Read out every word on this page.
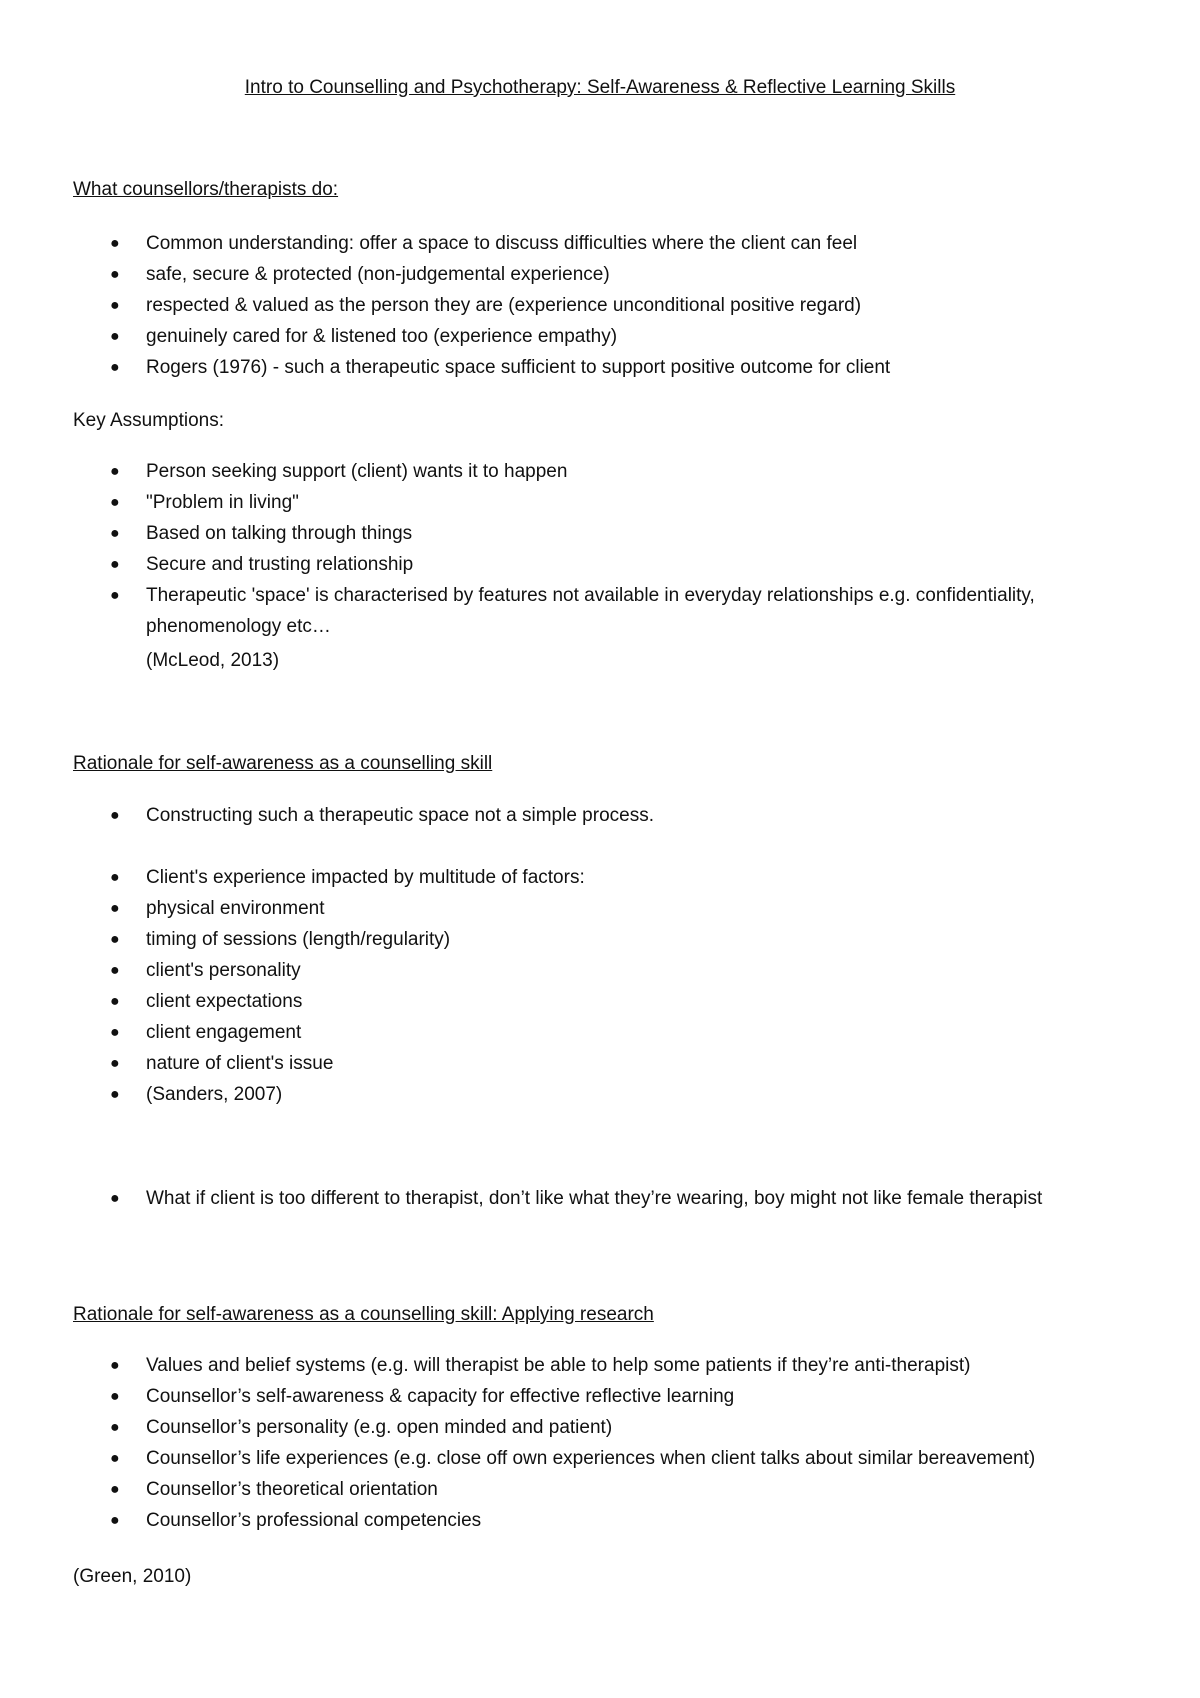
Intro to Counselling and Psychotherapy: Self-Awareness & Reflective Learning Skills
What counsellors/therapists do:
● Common understanding: offer a space to discuss difficulties where the client can feel
● safe, secure & protected (non-judgemental experience)
● respected & valued as the person they are (experience unconditional positive regard)
● genuinely cared for & listened too (experience empathy)
● Rogers (1976) - such a therapeutic space sufficient to support positive outcome for client
Key Assumptions:
● Person seeking support (client) wants it to happen
● "Problem in living"
● Based on talking through things
● Secure and trusting relationship
● Therapeutic 'space' is characterised by features not available in everyday relationships e.g. confidentiality, phenomenology etc…
(McLeod, 2013)
Rationale for self-awareness as a counselling skill
● Constructing such a therapeutic space not a simple process.
● Client's experience impacted by multitude of factors:
● physical environment
● timing of sessions (length/regularity)
● client's personality
● client expectations
● client engagement
● nature of client's issue
● (Sanders, 2007)
● What if client is too different to therapist, don’t like what they’re wearing, boy might not like female therapist
Rationale for self-awareness as a counselling skill: Applying research
● Values and belief systems (e.g. will therapist be able to help some patients if they’re anti-therapist)
● Counsellor’s self-awareness & capacity for effective reflective learning
● Counsellor’s personality (e.g. open minded and patient)
● Counsellor’s life experiences (e.g. close off own experiences when client talks about similar bereavement)
● Counsellor’s theoretical orientation
● Counsellor’s professional competencies
(Green, 2010)
